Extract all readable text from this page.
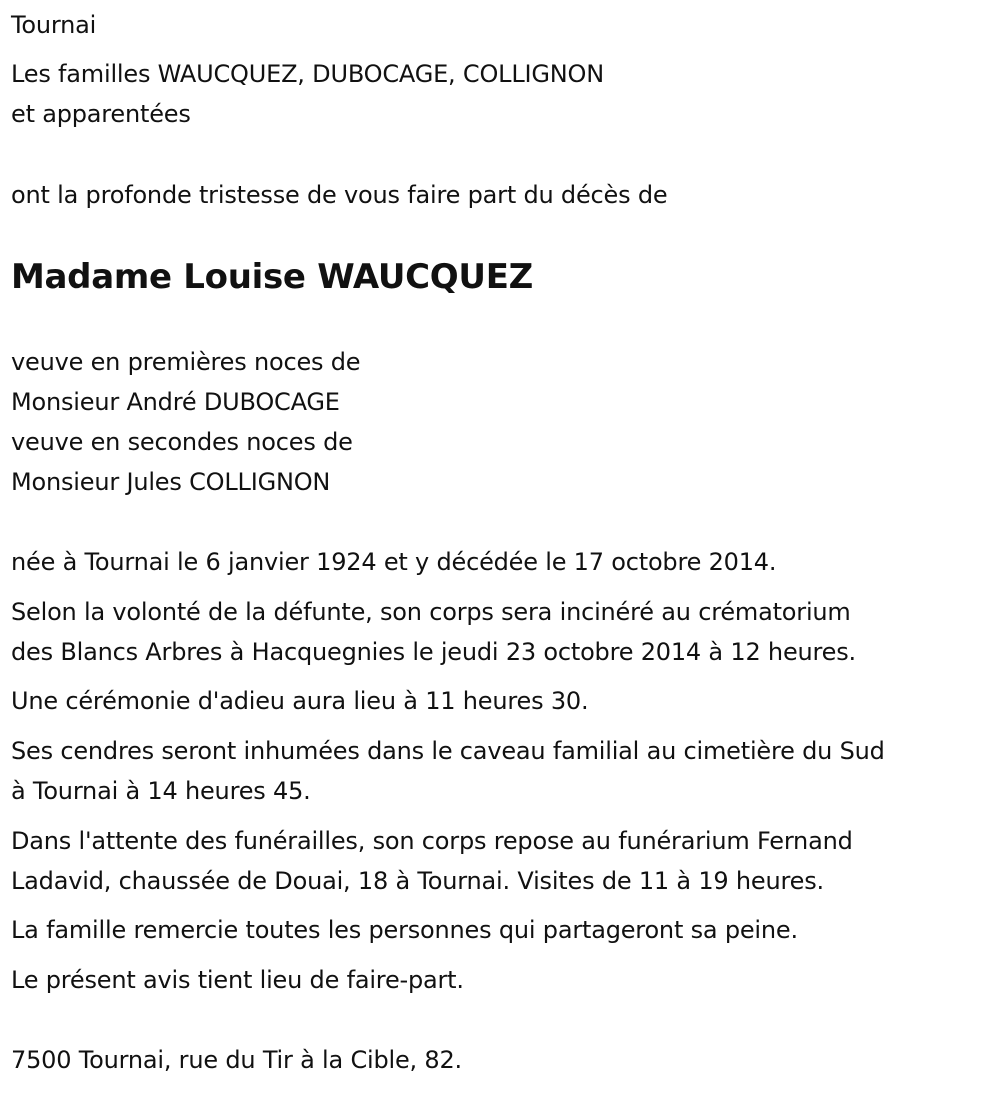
Tournai
Les familles WAUCQUEZ, DUBOCAGE, COLLIGNON
et apparentées
ont la profonde tristesse de vous faire part du décès de
Madame Louise WAUCQUEZ
veuve en premières noces de
Monsieur André DUBOCAGE
veuve en secondes noces de
Monsieur Jules COLLIGNON
née à Tournai le 6 janvier 1924 et y décédée le 17 octobre 2014.
Selon la volonté de la défunte, son corps sera incinéré au crématorium
des Blancs Arbres à Hacquegnies le jeudi 23 octobre 2014 à 12 heures.
Une cérémonie d'adieu aura lieu à 11 heures 30.
Ses cendres seront inhumées dans le caveau familial au cimetière du Sud
à Tournai à 14 heures 45.
Dans l'attente des funérailles, son corps repose au funérarium Fernand
Ladavid, chaussée de Douai, 18 à Tournai. Visites de 11 à 19 heures.
La famille remercie toutes les personnes qui partageront sa peine.
Le présent avis tient lieu de faire-part.
7500 Tournai, rue du Tir à la Cible, 82.
